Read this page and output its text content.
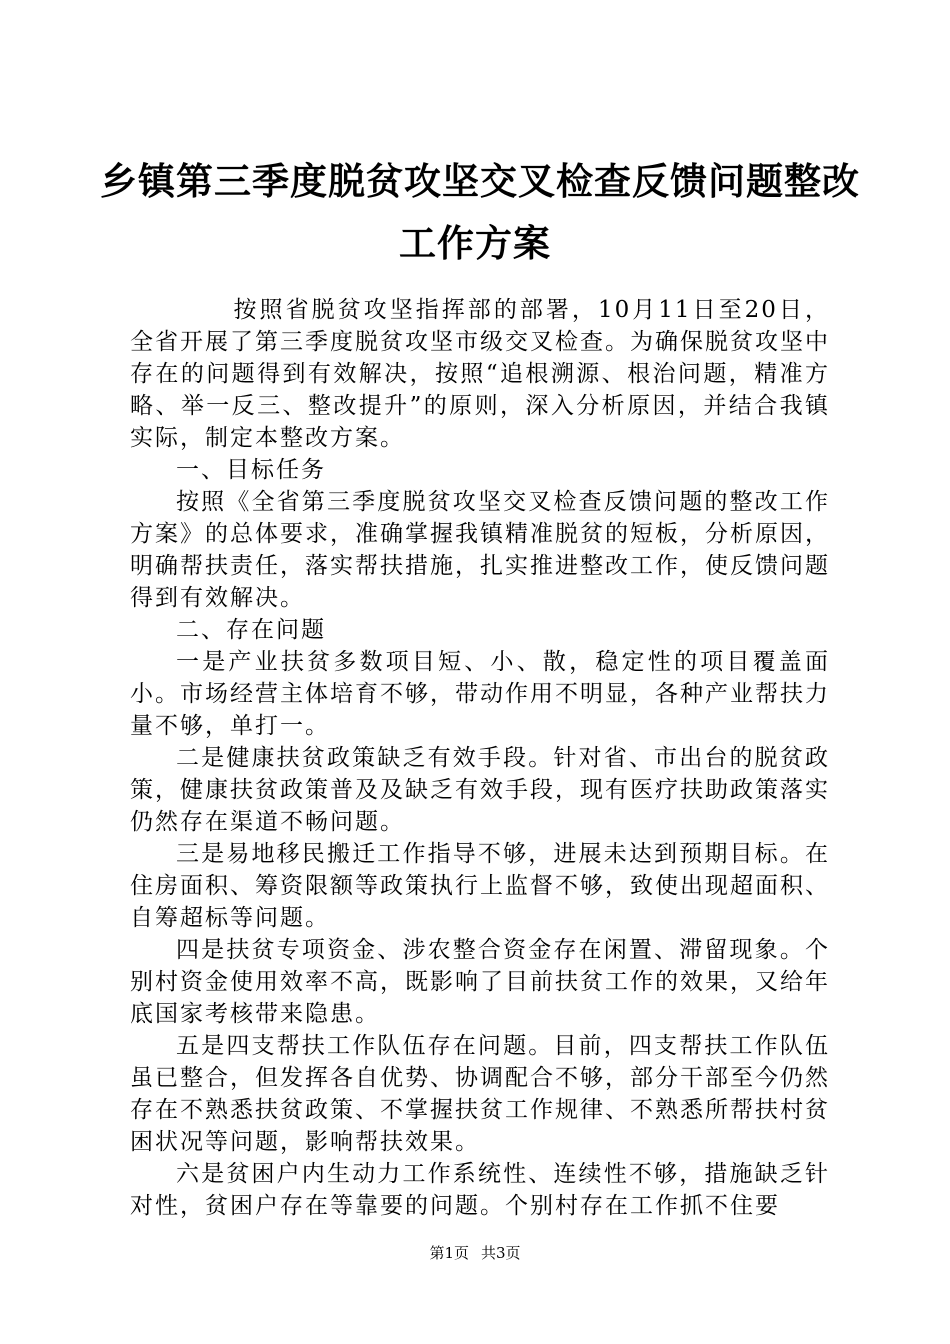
乡镇第三季度脱贫攻坚交叉检查反馈问题整改
工作方案

按照省脱贫攻坚指挥部的部署，10月11日至20日，全省开展了第三季度脱贫攻坚市级交叉检查。为确保脱贫攻坚中存在的问题得到有效解决，按照“追根溯源、根治问题，精准方略、举一反三、整改提升”的原则，深入分析原因，并结合我镇实际，制定本整改方案。

一、目标任务

按照《全省第三季度脱贫攻坚交叉检查反馈问题的整改工作方案》的总体要求，准确掌握我镇精准脱贫的短板，分析原因，明确帮扶责任，落实帮扶措施，扎实推进整改工作，使反馈问题得到有效解决。

二、存在问题

一是产业扶贫多数项目短、小、散，稳定性的项目覆盖面小。市场经营主体培育不够，带动作用不明显，各种产业帮扶力量不够，单打一。

二是健康扶贫政策缺乏有效手段。针对省、市出台的脱贫政策，健康扶贫政策普及及缺乏有效手段，现有医疗扶助政策落实仍然存在渠道不畅问题。

三是易地移民搬迁工作指导不够，进展未达到预期目标。在住房面积、筹资限额等政策执行上监督不够，致使出现超面积、自筹超标等问题。

四是扶贫专项资金、涉农整合资金存在闲置、滞留现象。个别村资金使用效率不高，既影响了目前扶贫工作的效果，又给年底国家考核带来隐患。

五是四支帮扶工作队伍存在问题。目前，四支帮扶工作队伍虽已整合，但发挥各自优势、协调配合不够，部分干部至今仍然存在不熟悉扶贫政策、不掌握扶贫工作规律、不熟悉所帮扶村贫困状况等问题，影响帮扶效果。

六是贫困户内生动力工作系统性、连续性不够，措施缺乏针对性，贫困户存在等靠要的问题。个别村存在工作抓不住要

第1页 共3页
